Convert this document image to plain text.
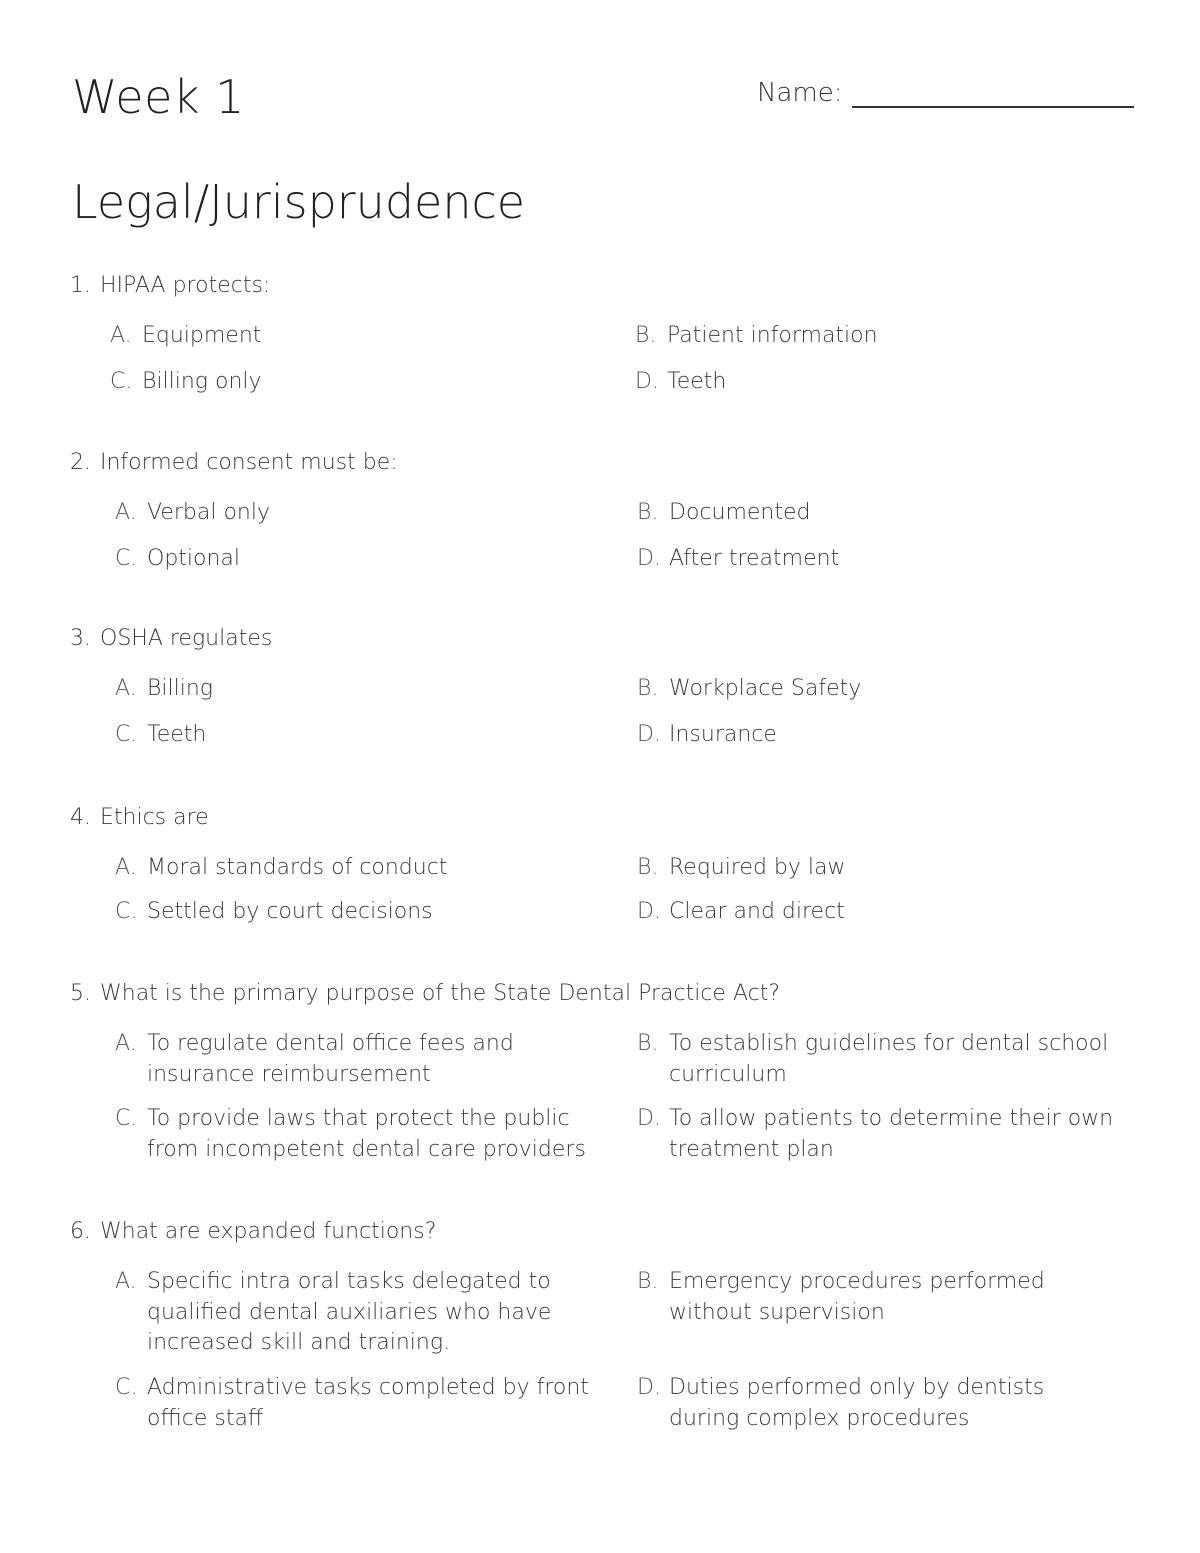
Week 1	Name:
Legal/Jurisprudence
1. HIPAA protects:
A. Equipment	B. Patient information
C. Billing only	D. Teeth
2. Informed consent must be:
A. Verbal only	B. Documented
C. Optional	D. After treatment
3. OSHA regulates
A. Billing	B. Workplace Safety
C. Teeth	D. Insurance
4. Ethics are
A. Moral standards of conduct	B. Required by law
C. Settled by court decisions	D. Clear and direct
5. What is the primary purpose of the State Dental Practice Act?
A. To regulate dental office fees and insurance reimbursement
B. To establish guidelines for dental school curriculum
C. To provide laws that protect the public from incompetent dental care providers
D. To allow patients to determine their own treatment plan
6. What are expanded functions?
A. Specific intra oral tasks delegated to qualified dental auxiliaries who have increased skill and training.
B. Emergency procedures performed without supervision
C. Administrative tasks completed by front office staff
D. Duties performed only by dentists during complex procedures
